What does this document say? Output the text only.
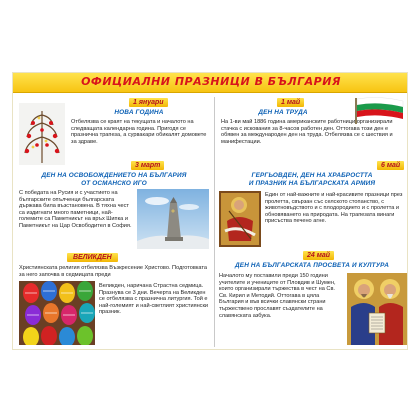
ОФИЦИАЛНИ ПРАЗНИЦИ В БЪЛГАРИЯ
1 януари
НОВА ГОДИНА
Отбелязва се краят на текущата и началото на следващата календарна година. Пригодя се празнична трапеза, а сурвакари обикалят домовете за здраве.
3 март
ДЕН НА ОСВОБОЖДЕНИЕТО НА БЪЛГАРИЯ
ОТ ОСМАНСКО ИГО
С победата на Русия и с участието на българските опълченци българската държава била възстановена. В тяхна чест са издигнати много паметници, най-големите са Паметникът на връх Шипка и Паметникът на Цар Освободител в София.
ВЕЛИКДЕН
Християнската религия отбелязва Възкресение Христово. Подготовката за него започва в седмицата преди
Великден, наричана Страстна седмица. Празнува се 3 дни. Вечерта на Великден се отбелязва с празнична литургия. Той е най-големият и най-светлият християнски празник.
1 май
ДЕН НА ТРУДА
На 1-ви май 1886 година американските работници организирали стачка с искования за 8-часов работен ден. Оттогава този ден е обявен за международен ден на труда. Отбелязва се с шествия и манифестации.
6 май
ГЕРГЬОВДЕН, ДЕН НА ХРАБРОСТТА
И ПРАЗНИК НА БЪЛГАРСКАТА АРМИЯ
Един от най-важните и най-красивите празници през пролетта, свързан със селското стопанство, с животновъдството и с плодородието и с пролетта и обновяването на природата. На трапезата винаги присъства печено агне.
24 май
ДЕН НА БЪЛГАРСКАТА ПРОСВЕТА И КУЛТУРА
Началото му поставили преди 150 години учителите и учениците от Пловдив и Шумен, които организирали тържества в чест на Св. Св. Кирил и Методий. Оттогава в цяла България и във всички славянски страни тържествено прославят създателите на славянската азбука.
